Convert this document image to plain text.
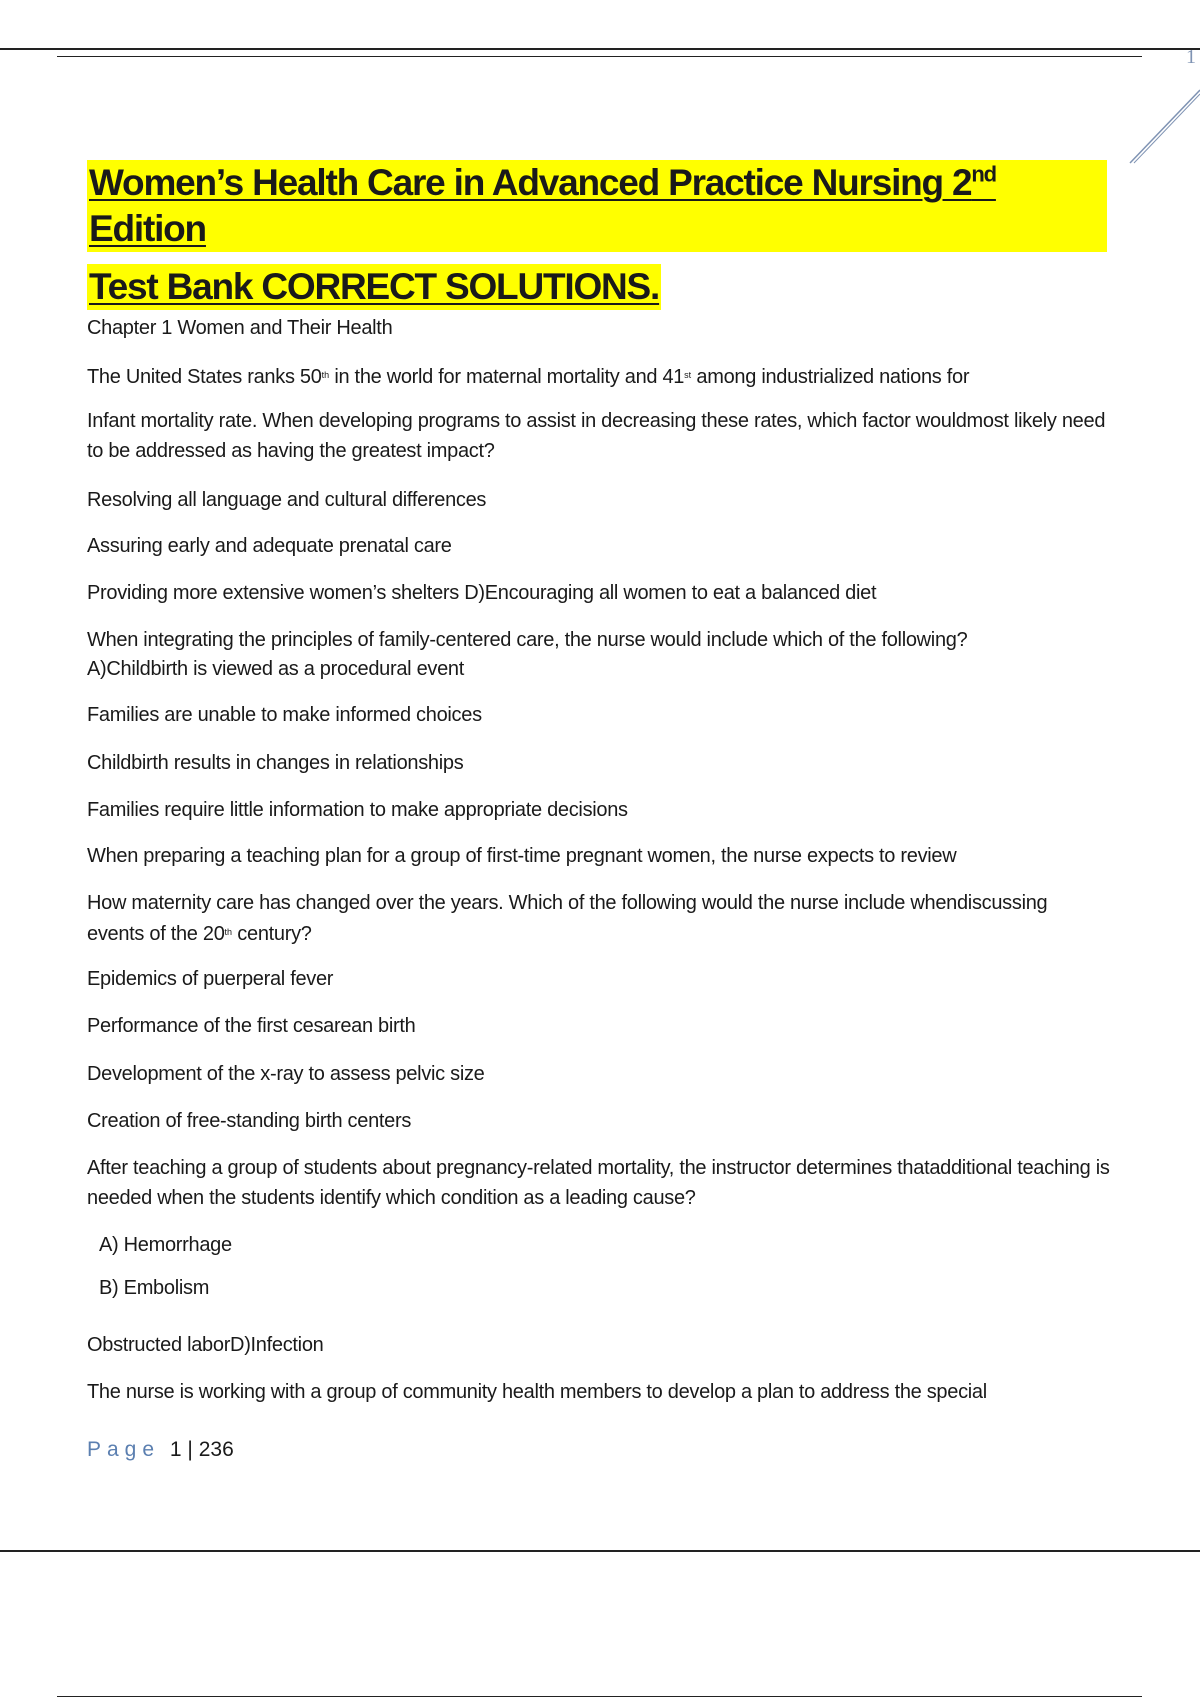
1
Women’s Health Care in Advanced Practice Nursing 2nd Edition
Test Bank CORRECT SOLUTIONS.
Chapter 1 Women and Their Health
The United States ranks 50th in the world for maternal mortality and 41st among industrialized nations for
Infant mortality rate. When developing programs to assist in decreasing these rates, which factor wouldmost likely need to be addressed as having the greatest impact?
Resolving all language and cultural differences
Assuring early and adequate prenatal care
Providing more extensive women’s shelters D)Encouraging all women to eat a balanced diet
When integrating the principles of family-centered care, the nurse would include which of the following?
A)Childbirth is viewed as a procedural event
Families are unable to make informed choices
Childbirth results in changes in relationships
Families require little information to make appropriate decisions
When preparing a teaching plan for a group of first-time pregnant women, the nurse expects to review
How maternity care has changed over the years. Which of the following would the nurse include whendiscussing
events of the 20th century?
Epidemics of puerperal fever
Performance of the first cesarean birth
Development of the x-ray to assess pelvic size
Creation of free-standing birth centers
After teaching a group of students about pregnancy-related mortality, the instructor determines thatadditional teaching is needed when the students identify which condition as a leading cause?
A) Hemorrhage
B) Embolism
Obstructed laborD)Infection
The nurse is working with a group of community health members to develop a plan to address the special
Page 1 | 236
